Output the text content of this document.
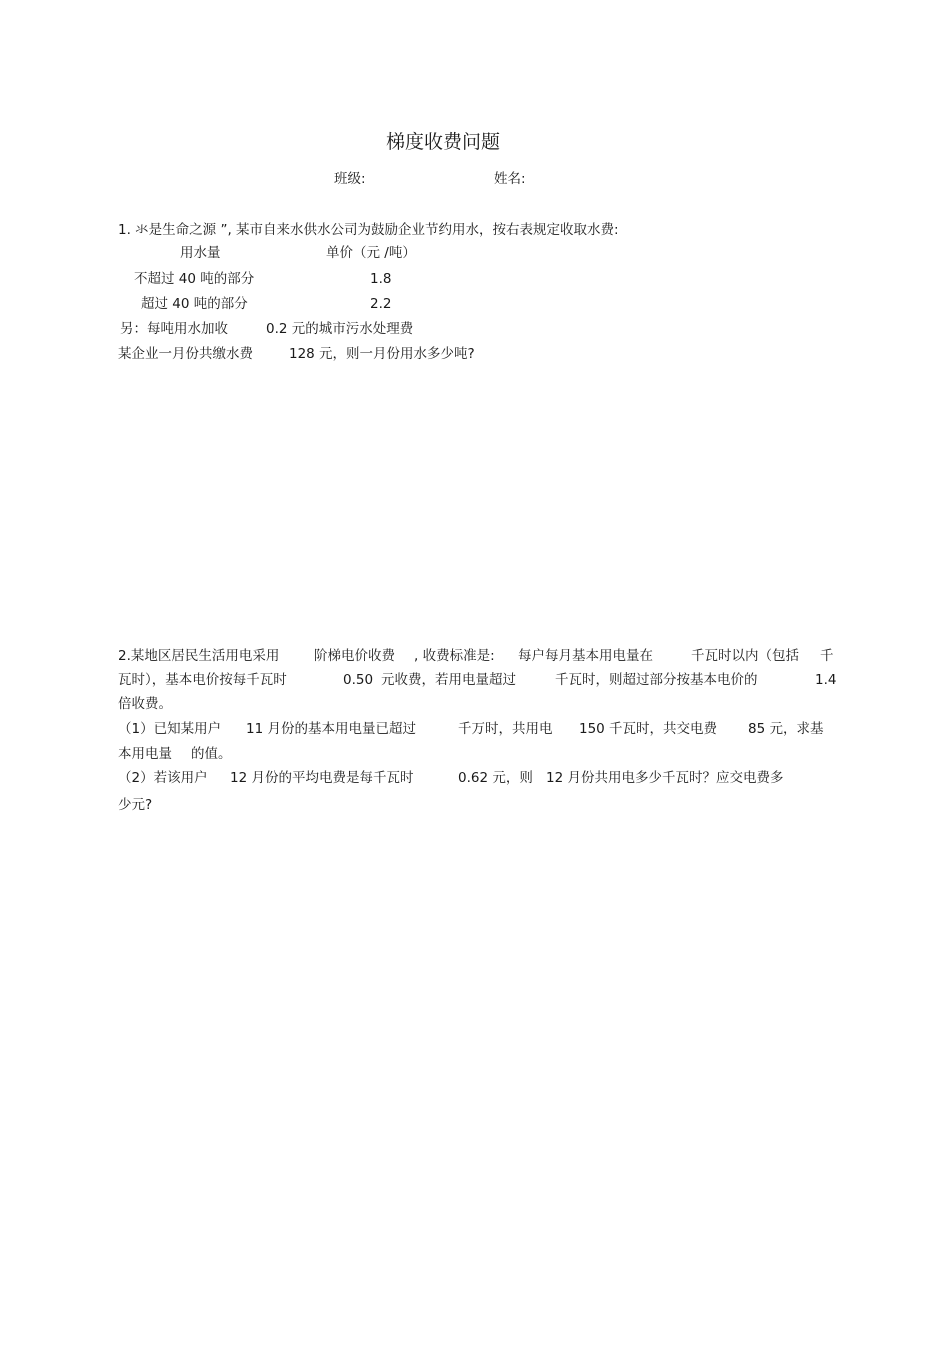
梯度收费问题
班级:	姓名:
1. 氺是生命之源 ”, 某市自来水供水公司为鼓励企业节约用水，按右表规定收取水费:
用水量	单价（元 /吨）
不超过 40 吨的部分	1.8
超过 40 吨的部分	2.2
另：每吨用水加收	0.2 元的城市污水处理费
某企业一月份共缴水费	128 元，则一月份用水多少吨?
2.某地区居民生活用电采用	阶梯电价收费 , 收费标准是: 每户每月基本用电量在	千瓦时以内（包括 千
瓦时），基本电价按每千瓦时	0.50 元收费，若用电量超过	千瓦时，则超过部分按基本电价的	1.4
倍收费。
（1）已知某用户 11 月份的基本用电量已超过	千万时，共用电 150 千瓦时，共交电费 85 元，求基
本用电量 的值。
（2）若该用户 12 月份的平均电费是每千瓦时	0.62 元，则 12 月份共用电多少千瓦时？应交电费多
少元?
